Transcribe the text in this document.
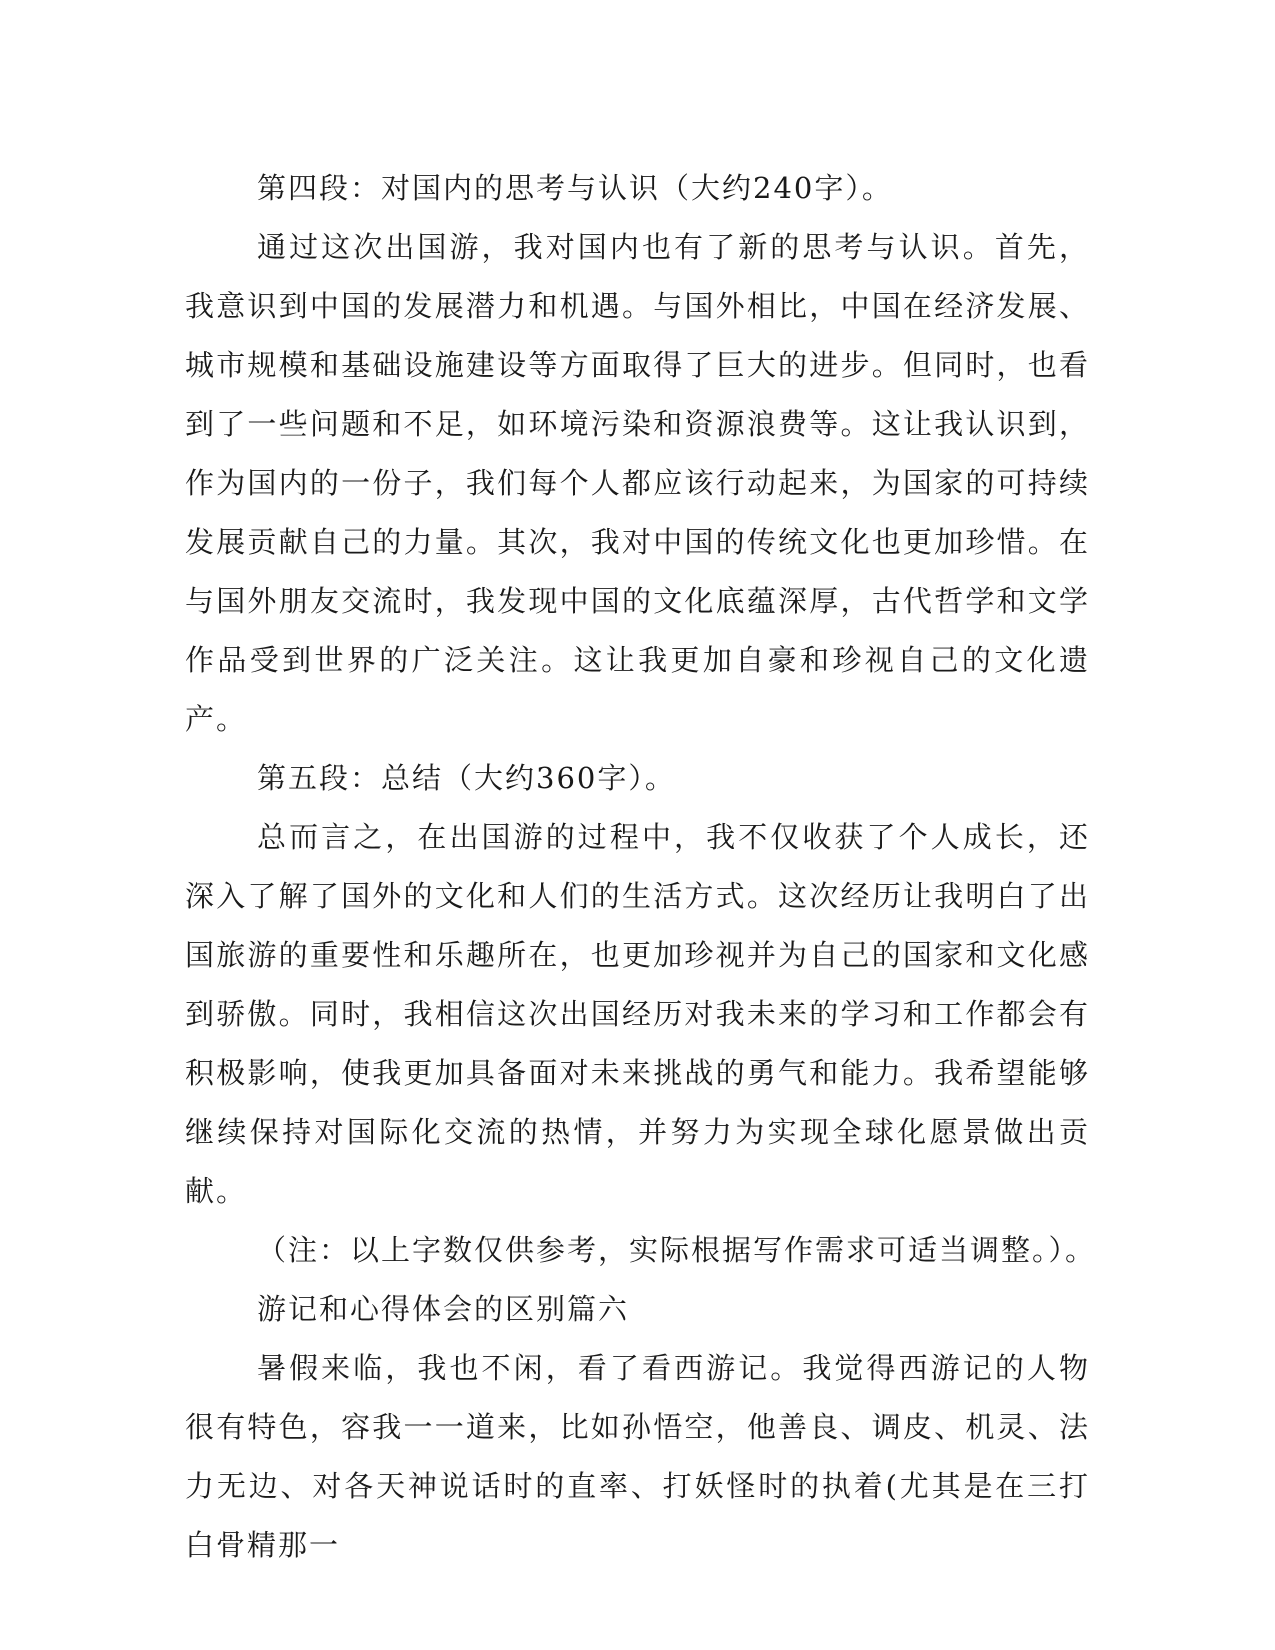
第四段：对国内的思考与认识（大约240字）。

通过这次出国游，我对国内也有了新的思考与认识。首先，我意识到中国的发展潜力和机遇。与国外相比，中国在经济发展、城市规模和基础设施建设等方面取得了巨大的进步。但同时，也看到了一些问题和不足，如环境污染和资源浪费等。这让我认识到，作为国内的一份子，我们每个人都应该行动起来，为国家的可持续发展贡献自己的力量。其次，我对中国的传统文化也更加珍惜。在与国外朋友交流时，我发现中国的文化底蕴深厚，古代哲学和文学作品受到世界的广泛关注。这让我更加自豪和珍视自己的文化遗产。

第五段：总结（大约360字）。

总而言之，在出国游的过程中，我不仅收获了个人成长，还深入了解了国外的文化和人们的生活方式。这次经历让我明白了出国旅游的重要性和乐趣所在，也更加珍视并为自己的国家和文化感到骄傲。同时，我相信这次出国经历对我未来的学习和工作都会有积极影响，使我更加具备面对未来挑战的勇气和能力。我希望能够继续保持对国际化交流的热情，并努力为实现全球化愿景做出贡献。

（注：以上字数仅供参考，实际根据写作需求可适当调整。）。

游记和心得体会的区别篇六

暑假来临，我也不闲，看了看西游记。我觉得西游记的人物很有特色，容我一一道来，比如孙悟空，他善良、调皮、机灵、法力无边、对各天神说话时的直率、打妖怪时的执着(尤其是在三打白骨精那一
